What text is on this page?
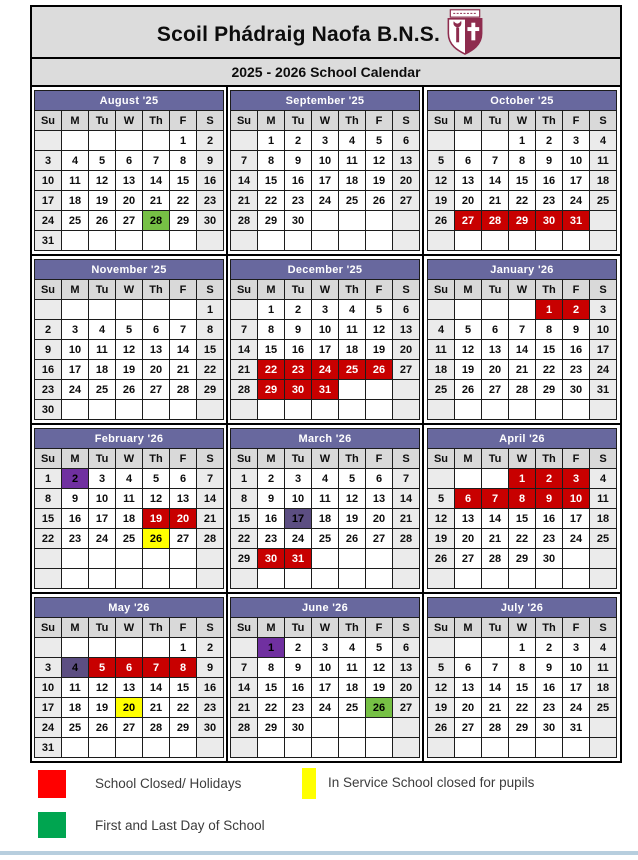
Scoil Phádraig Naofa B.N.S.
2025 - 2026 School Calendar
August '25						
Su	M	Tu	W	Th	F	S
					1	2
3	4	5	6	7	8	9
10	11	12	13	14	15	16
17	18	19	20	21	22	23
24	25	26	27	28	29	30
31						
September '25						
Su	M	Tu	W	Th	F	S
	1	2	3	4	5	6
7	8	9	10	11	12	13
14	15	16	17	18	19	20
21	22	23	24	25	26	27
28	29	30				

October '25						
Su	M	Tu	W	Th	F	S
			1	2	3	4
5	6	7	8	9	10	11
12	13	14	15	16	17	18
19	20	21	22	23	24	25
26	27	28	29	30	31	

November '25						
Su	M	Tu	W	Th	F	S
						1
2	3	4	5	6	7	8
9	10	11	12	13	14	15
16	17	18	19	20	21	22
23	24	25	26	27	28	29
30						
December '25						
Su	M	Tu	W	Th	F	S
	1	2	3	4	5	6
7	8	9	10	11	12	13
14	15	16	17	18	19	20
21	22	23	24	25	26	27
28	29	30	31			

January '26						
Su	M	Tu	W	Th	F	S
				1	2	3
4	5	6	7	8	9	10
11	12	13	14	15	16	17
18	19	20	21	22	23	24
25	26	27	28	29	30	31

February '26						
Su	M	Tu	W	Th	F	S
1	2	3	4	5	6	7
8	9	10	11	12	13	14
15	16	17	18	19	20	21
22	23	24	25	26	27	28

March '26						
Su	M	Tu	W	Th	F	S
1	2	3	4	5	6	7
8	9	10	11	12	13	14
15	16	17	18	19	20	21
22	23	24	25	26	27	28
29	30	31				

April '26						
Su	M	Tu	W	Th	F	S
			1	2	3	4
5	6	7	8	9	10	11
12	13	14	15	16	17	18
19	20	21	22	23	24	25
26	27	28	29	30		

May '26						
Su	M	Tu	W	Th	F	S
					1	2
3	4	5	6	7	8	9
10	11	12	13	14	15	16
17	18	19	20	21	22	23
24	25	26	27	28	29	30
31						
June '26						
Su	M	Tu	W	Th	F	S
	1	2	3	4	5	6
7	8	9	10	11	12	13
14	15	16	17	18	19	20
21	22	23	24	25	26	27
28	29	30				

July '26						
Su	M	Tu	W	Th	F	S
			1	2	3	4
5	6	7	8	9	10	11
12	13	14	15	16	17	18
19	20	21	22	23	24	25
26	27	28	29	30	31	

School Closed/ Holidays	In Service School closed for pupils
First and Last Day of School
